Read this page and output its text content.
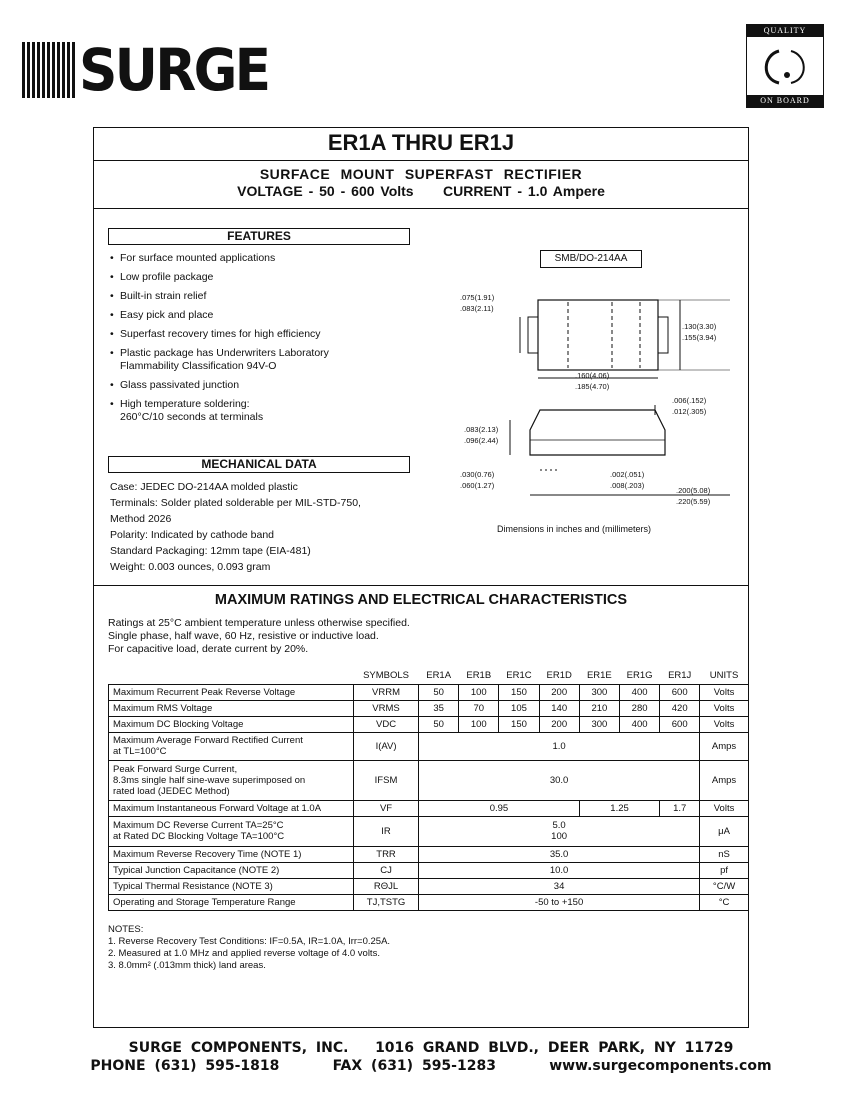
SURGE
QUALITY
ON BOARD
ER1A THRU ER1J
SURFACE MOUNT SUPERFAST RECTIFIER
VOLTAGE - 50 - 600 Volts     CURRENT - 1.0 Ampere
FEATURES
• For surface mounted applications
• Low profile package
• Built-in strain relief
• Easy pick and place
• Superfast recovery times for high efficiency
• Plastic package has Underwriters Laboratory
Flammability Classification 94V-O
• Glass passivated junction
• High temperature soldering:
260°C/10 seconds at terminals
MECHANICAL DATA
Case: JEDEC DO-214AA molded plastic
Terminals: Solder plated solderable per MIL-STD-750,
Method 2026
Polarity: Indicated by cathode band
Standard Packaging: 12mm tape (EIA-481)
Weight: 0.003 ounces, 0.093 gram
SMB/DO-214AA
.075(1.91)
.083(2.11)
.130(3.30)
.155(3.94)
.160(4.06)
.185(4.70)
.006(.152)
.012(.305)
.083(2.13)
.096(2.44)
.030(0.76)
.060(1.27)
.002(.051)
.008(.203)
.200(5.08)
.220(5.59)
Dimensions in inches and (millimeters)
MAXIMUM RATINGS AND ELECTRICAL CHARACTERISTICS
Ratings at 25°C ambient temperature unless otherwise specified.
Single phase, half wave, 60 Hz, resistive or inductive load.
For capacitive load, derate current by 20%.
	SYMBOLS	ER1A	ER1B	ER1C	ER1D	ER1E	ER1G	ER1J	UNITS
Maximum Recurrent Peak Reverse Voltage	VRRM	50	100	150	200	300	400	600	Volts
Maximum RMS Voltage	VRMS	35	70	105	140	210	280	420	Volts
Maximum DC Blocking Voltage	VDC	50	100	150	200	300	400	600	Volts
Maximum Average Forward Rectified Current
at TL=100°C	I(AV)	1.0							Amps
Peak Forward Surge Current,
8.3ms single half sine-wave superimposed on
rated load (JEDEC Method)	IFSM	30.0							Amps
Maximum Instantaneous Forward Voltage at 1.0A	VF	0.95				1.25		1.7	Volts
Maximum DC Reverse Current TA=25°C
at Rated DC Blocking Voltage TA=100°C	IR	5.0
100							μA
Maximum Reverse Recovery Time (NOTE 1)	TRR	35.0							nS
Typical Junction Capacitance (NOTE 2)	CJ	10.0							pf
Typical Thermal Resistance (NOTE 3)	RΘJL	34							°C/W
Operating and Storage Temperature Range	TJ,TSTG	-50 to +150							°C
NOTES:
1. Reverse Recovery Test Conditions: IF=0.5A, IR=1.0A, Irr=0.25A.
2. Measured at 1.0 MHz and applied reverse voltage of 4.0 volts.
3. 8.0mm² (.013mm thick) land areas.
SURGE COMPONENTS, INC.   1016 GRAND BLVD., DEER PARK, NY 11729
PHONE (631) 595-1818      FAX (631) 595-1283      www.surgecomponents.com
